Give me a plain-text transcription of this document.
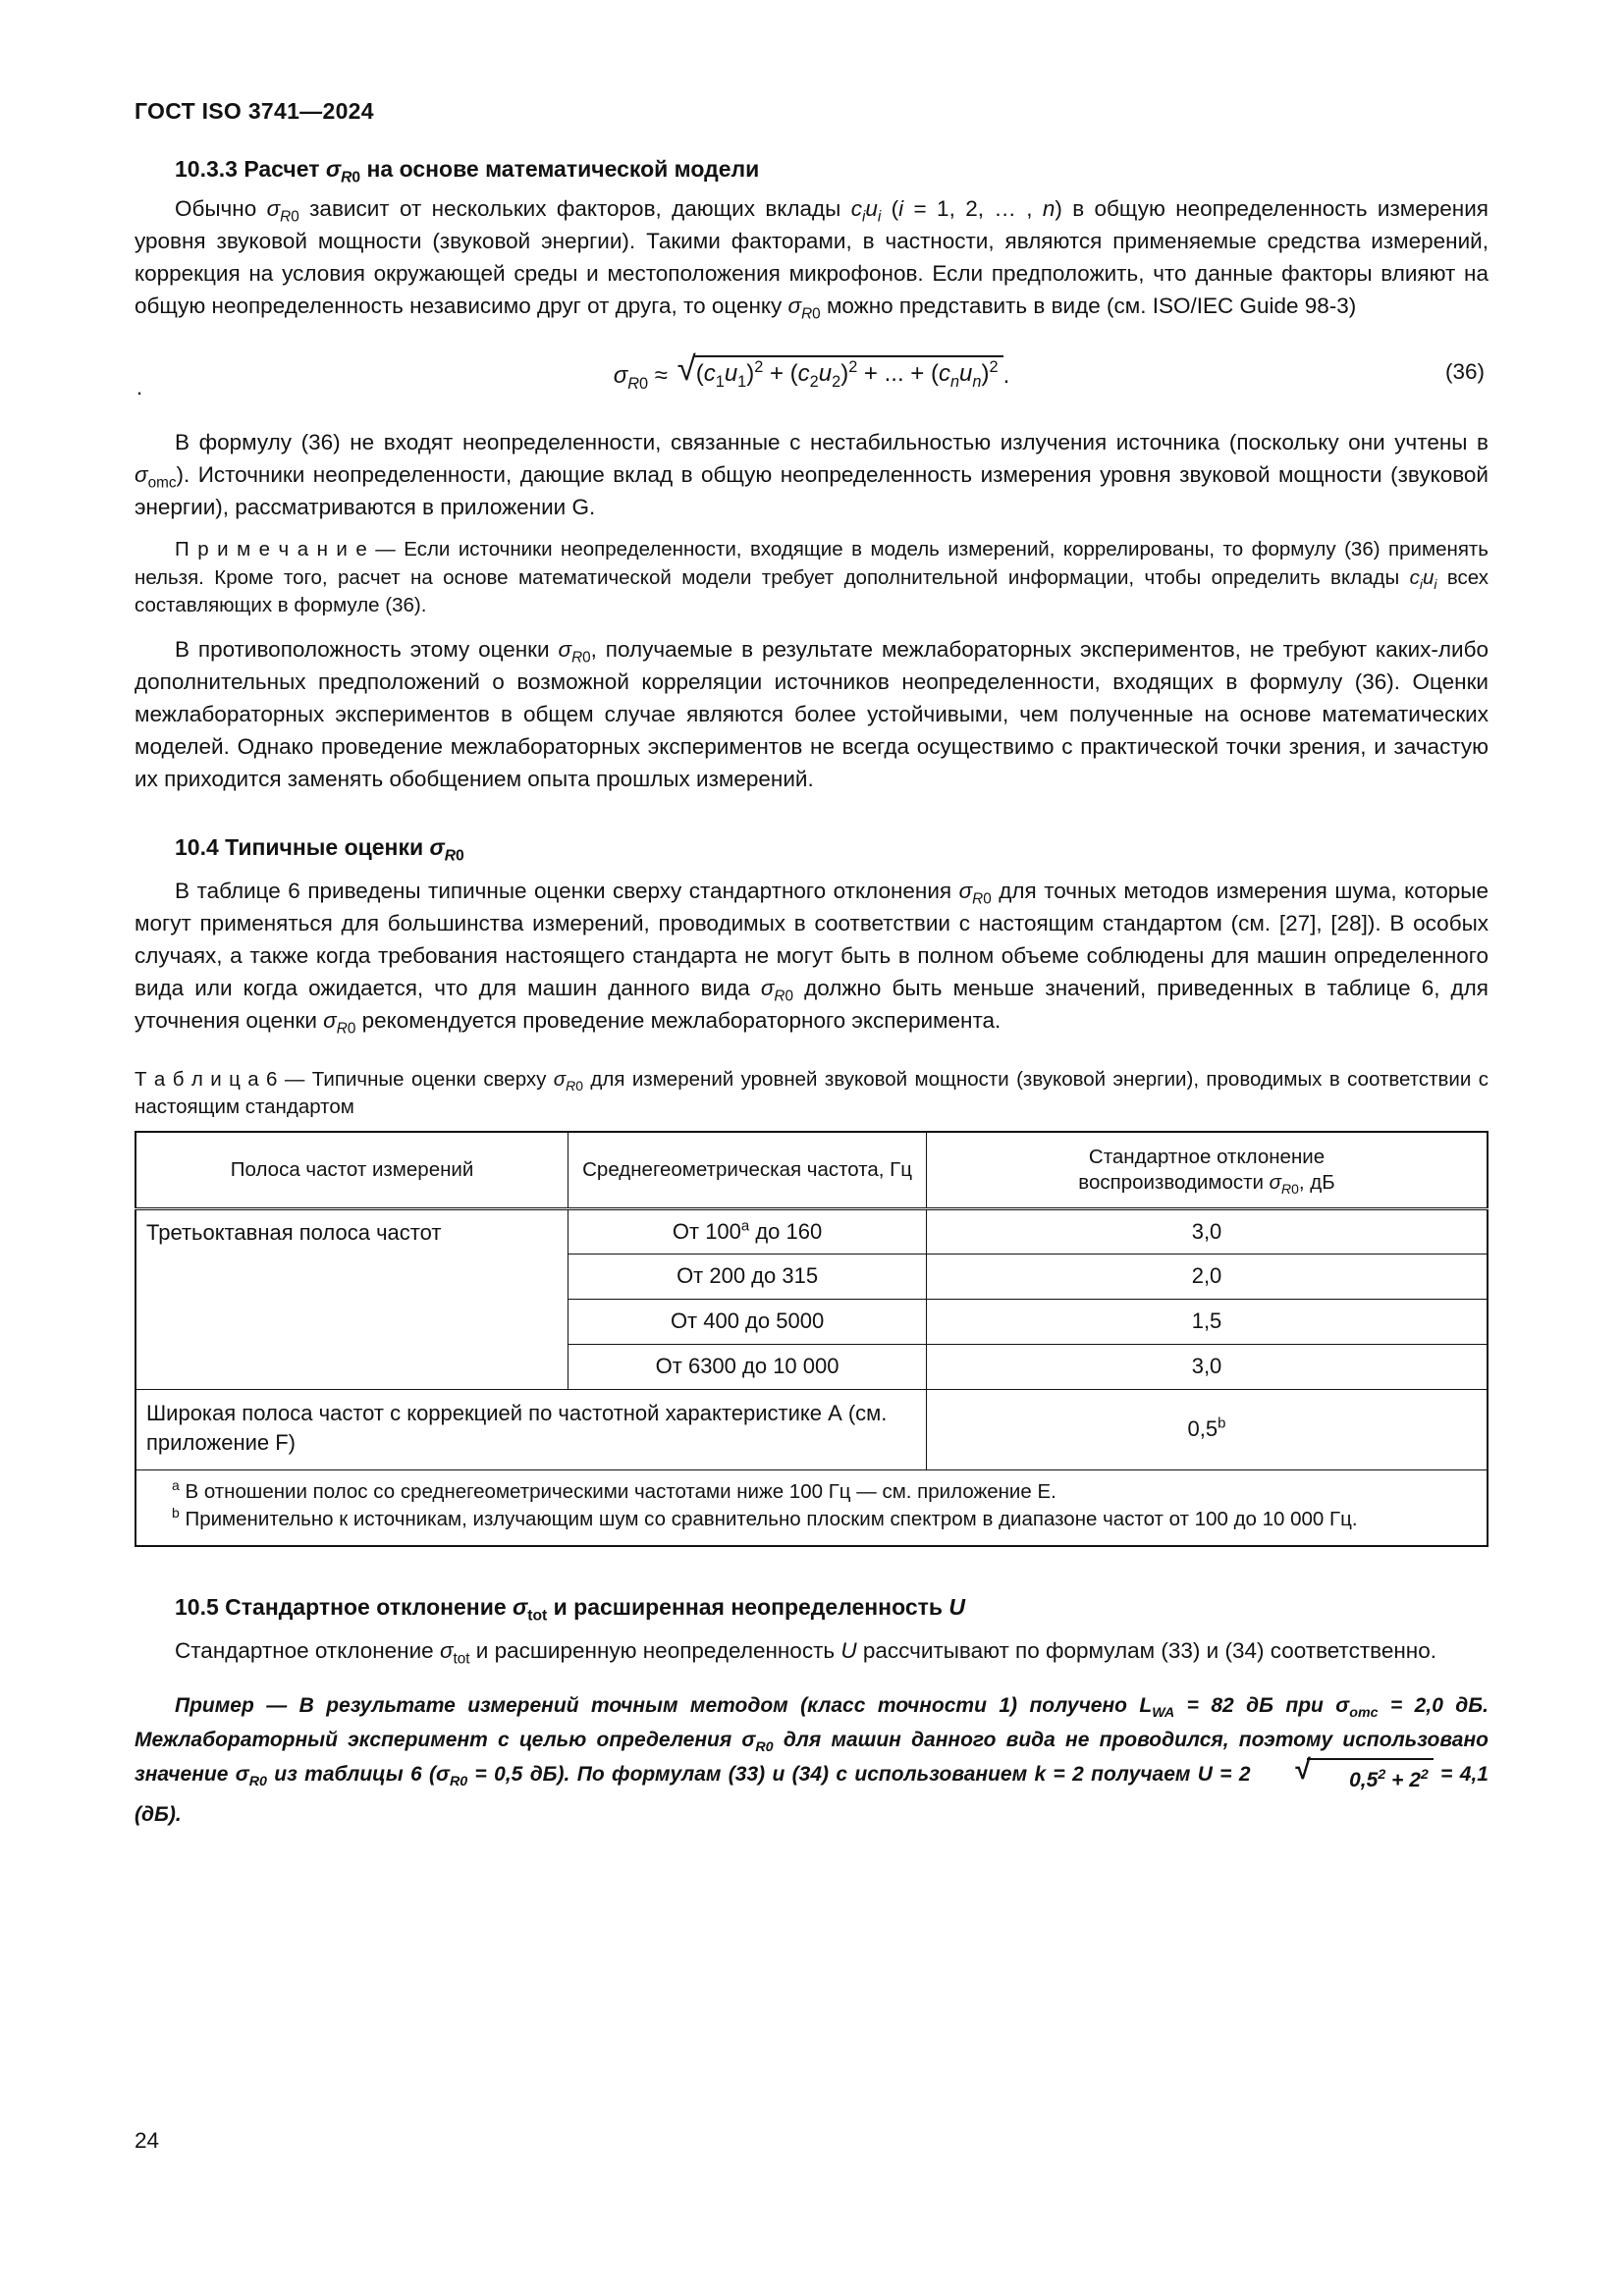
ГОСТ ISO 3741—2024

10.3.3 Расчет $\sigma_{R0}$ на основе математической модели

Обычно $\sigma_{R0}$ зависит от нескольких факторов, дающих вклады $c_iu_i$ (i = 1, 2, … , n) в общую неопределенность измерения уровня звуковой мощности (звуковой энергии). Такими факторами, в частности, являются применяемые средства измерений, коррекция на условия окружающей среды и местоположения микрофонов. Если предположить, что данные факторы влияют на общую неопределенность независимо друг от друга, то оценку $\sigma_{R0}$ можно представить в виде (см. ISO/IEC Guide 98-3)

.	$\sigma_{R0}$ ≈ √ $(c_1u_1)^2 + (c_2u_2)^2$ + ... + $(c_nu_n)^2$ .	(36)

В формулу (36) не входят неопределенности, связанные с нестабильностью излучения источника (поскольку они учтены в $\sigma_{omc}$). Источники неопределенности, дающие вклад в общую неопределенность измерения уровня звуковой мощности (звуковой энергии), рассматриваются в приложении G.

П р и м е ч а н и е — Если источники неопределенности, входящие в модель измерений, коррелированы, то формулу (36) применять нельзя. Кроме того, расчет на основе математической модели требует дополнительной информации, чтобы определить вклады $c_iu_i$ всех составляющих в формуле (36).

В противоположность этому оценки $\sigma_{R0}$, получаемые в результате межлабораторных экспериментов, не требуют каких-либо дополнительных предположений о возможной корреляции источников неопределенности, входящих в формулу (36). Оценки межлабораторных экспериментов в общем случае являются более устойчивыми, чем полученные на основе математических моделей. Однако проведение межлабораторных экспериментов не всегда осуществимо с практической точки зрения, и зачастую их приходится заменять обобщением опыта прошлых измерений.

10.4 Типичные оценки $\sigma_{R0}$

В таблице 6 приведены типичные оценки сверху стандартного отклонения $\sigma_{R0}$ для точных методов измерения шума, которые могут применяться для большинства измерений, проводимых в соответствии с настоящим стандартом (см. [27], [28]). В особых случаях, а также когда требования настоящего стандарта не могут быть в полном объеме соблюдены для машин определенного вида или когда ожидается, что для машин данного вида $\sigma_{R0}$ должно быть меньше значений, приведенных в таблице 6, для уточнения оценки $\sigma_{R0}$ рекомендуется проведение межлабораторного эксперимента.

Т а б л и ц а 6 — Типичные оценки сверху $\sigma_{R0}$ для измерений уровней звуковой мощности (звуковой энергии), проводимых в соответствии с настоящим стандартом

Полоса частот измерений	Среднегеометрическая частота, Гц	Стандартное отклонение
воспроизводимости $\sigma_{R0}$, дБ
Третьоктавная полоса частот	От 100$^a$ до 160	3,0
	От 200 до 315	2,0
	От 400 до 5000	1,5
	От 6300 до 10 000	3,0
Широкая полоса частот с коррекцией по частотной характеристике А (см. приложение F)		0,5$^b$

$^a$ В отношении полос со среднегеометрическими частотами ниже 100 Гц — см. приложение Е.

$^b$ Применительно к источникам, излучающим шум со сравнительно плоским спектром в диапазоне частот от 100 до 10 000 Гц.		

10.5 Стандартное отклонение $\sigma_{tot}$ и расширенная неопределенность U

Стандартное отклонение $\sigma_{tot}$ и расширенную неопределенность U рассчитывают по формулам (33) и (34) соответственно.

Пример — В результате измерений точным методом (класс точности 1) получено $L_{WA} = 82$ дБ при $\sigma_{omc} = 2,0$ дБ. Межлабораторный эксперимент с целью определения $\sigma_{R0}$ для машин данного вида не проводился, поэтому использовано значение $\sigma_{R0}$ из таблицы 6 ($\sigma_{R0} = 0,5$ дБ). По формулам (33) и (34) с использованием k = 2 получаем U = 2	√	$0,5^2 + 2^2 = 4,1$ (дБ).

24
